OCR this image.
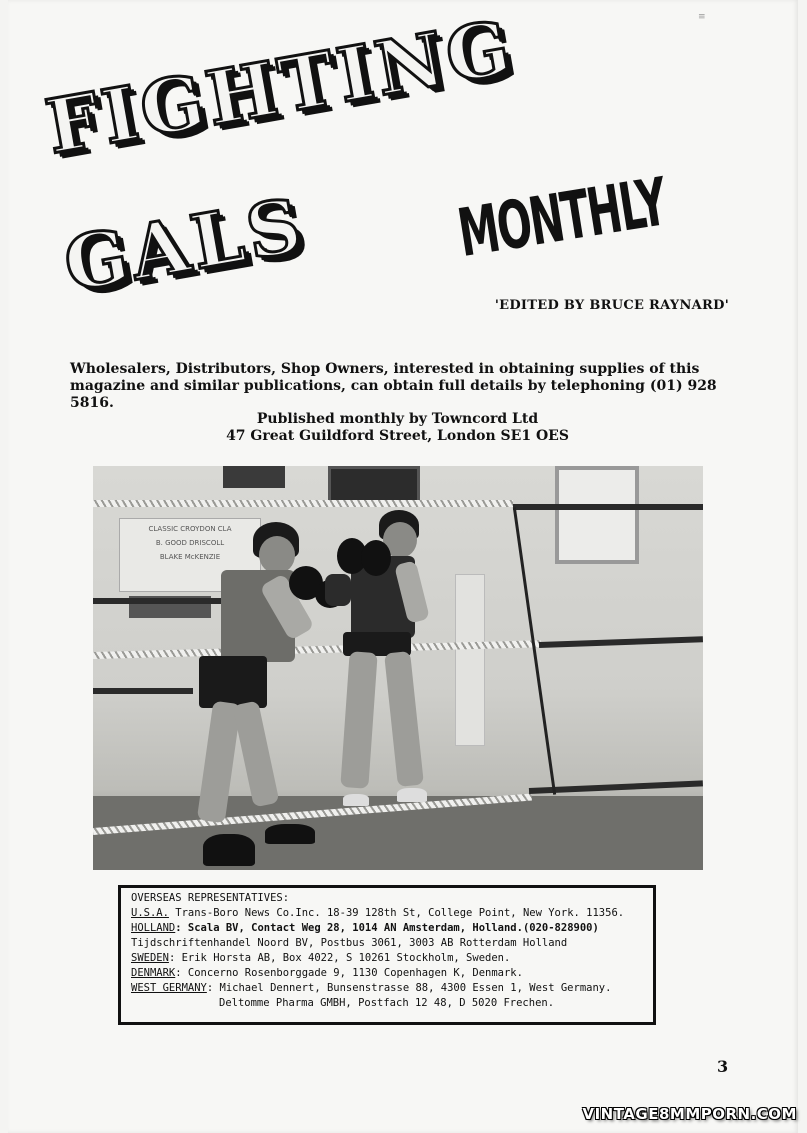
≡
FIGHTING
GALS MONTHLY
'EDITED BY BRUCE RAYNARD'
Wholesalers, Distributors, Shop Owners, interested in obtaining supplies of this magazine and similar publications, can obtain full details by telephoning (01) 928 5816.
Published monthly by Towncord Ltd
47 Great Guildford Street, London SE1 OES
CLASSIC CROYDON CLA
B. GOOD DRISCOLL
BLAKE McKENZIE
OVERSEAS REPRESENTATIVES:
U.S.A. Trans-Boro News Co.Inc. 18-39 128th St, College Point, New York. 11356.
HOLLAND: Scala BV, Contact Weg 28, 1014 AN Amsterdam, Holland.(020-828900)
Tijdschriftenhandel Noord BV, Postbus 3061, 3003 AB Rotterdam Holland
SWEDEN: Erik Horsta AB, Box 4022, S 10261 Stockholm, Sweden.
DENMARK: Concerno Rosenborggade 9, 1130 Copenhagen K, Denmark.
WEST GERMANY: Michael Dennert, Bunsenstrasse 88, 4300 Essen 1, West Germany.
Deltomme Pharma GMBH, Postfach 12 48, D 5020 Frechen.
3
VINTAGE8MMPORN.COM
